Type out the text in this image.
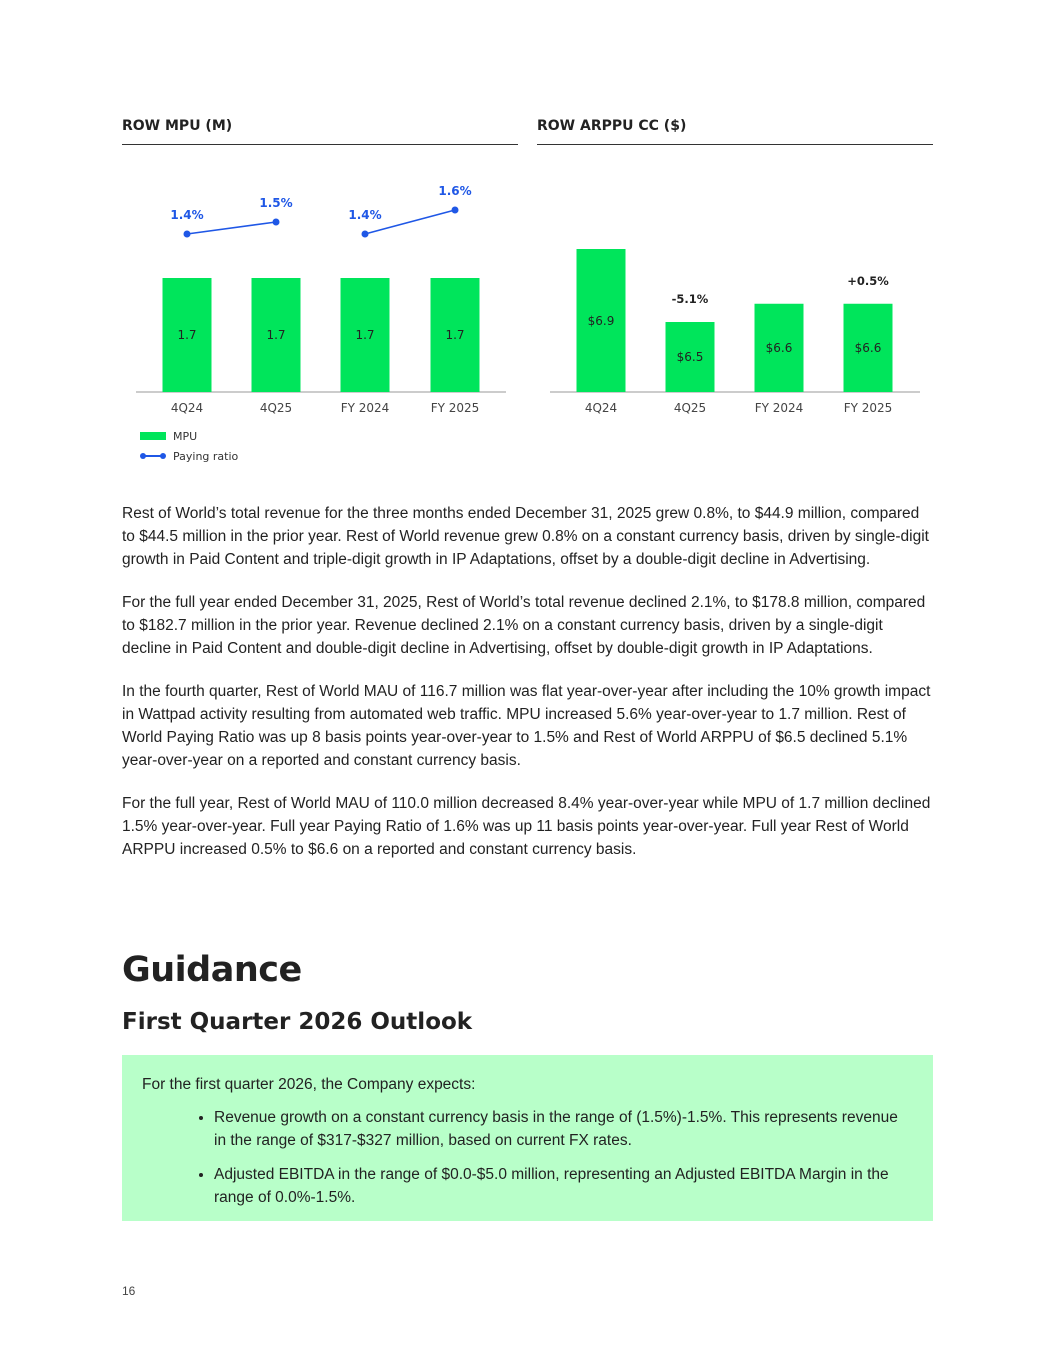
ROW MPU (M)	ROW ARPPU CC ($)
1.7
4Q24
1.7
4Q25
1.7
FY 2024
1.7
FY 2025
1.4%
1.5%
1.4%
1.6%
$6.9
4Q24
$6.5
4Q25
-5.1%
$6.6
FY 2024
$6.6
FY 2025
+0.5%
MPU
Paying ratio

Rest of World’s total revenue for the three months ended December 31, 2025 grew 0.8%, to $44.9 million, compared to $44.5 million in the prior year. Rest of World revenue grew 0.8% on a constant currency basis, driven by single-digit growth in Paid Content and triple-digit growth in IP Adaptations, offset by a double-digit decline in Advertising.

For the full year ended December 31, 2025, Rest of World’s total revenue declined 2.1%, to $178.8 million, compared to $182.7 million in the prior year. Revenue declined 2.1% on a constant currency basis, driven by a single-digit decline in Paid Content and double-digit decline in Advertising, offset by double-digit growth in IP Adaptations.

In the fourth quarter, Rest of World MAU of 116.7 million was flat year-over-year after including the 10% growth impact in Wattpad activity resulting from automated web traffic. MPU increased 5.6% year-over-year to 1.7 million. Rest of World Paying Ratio was up 8 basis points year-over-year to 1.5% and Rest of World ARPPU of $6.5 declined 5.1% year-over-year on a reported and constant currency basis.

For the full year, Rest of World MAU of 110.0 million decreased 8.4% year-over-year while MPU of 1.7 million declined 1.5% year-over-year. Full year Paying Ratio of 1.6% was up 11 basis points year-over-year. Full year Rest of World ARPPU increased 0.5% to $6.6 on a reported and constant currency basis.

Guidance
First Quarter 2026 Outlook

For the first quarter 2026, the Company expects:

• Revenue growth on a constant currency basis in the range of (1.5%)-1.5%. This represents revenue in the range of $317-$327 million, based on current FX rates.
• Adjusted EBITDA in the range of $0.0-$5.0 million, representing an Adjusted EBITDA Margin in the range of 0.0%-1.5%.
16
